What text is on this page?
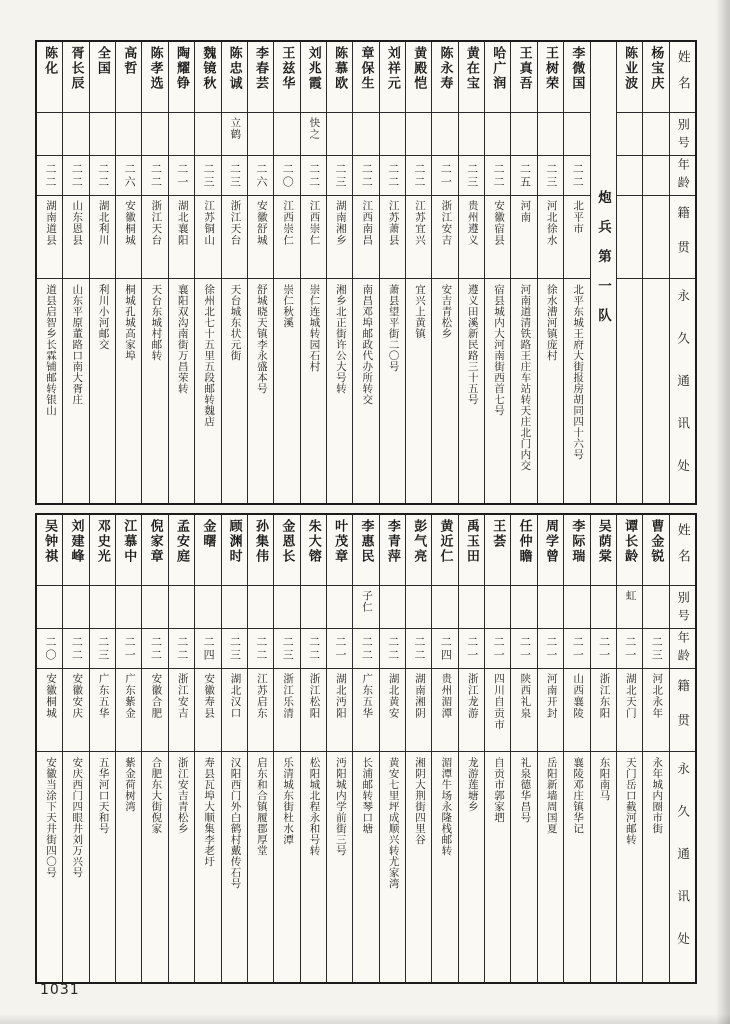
姓名
别号
年龄
籍贯
永久通讯处
杨宝庆
陈业波
炮兵第一队
李微国
二二
北平市
北平东城王府大街报房胡同四十六号
王树荣
二三
河北徐水
徐水漕河镇庞村
王真吾
二五
河南
河南道清铁路王庄车站转天庄北门内交
哈广润
二二
安徽宿县
宿县城内大河南街西首七号
黄在宝
二三
贵州遵义
遵义田溪新民路三十五号
陈永寿
二一
浙江安吉
安吉青松乡
黄殿恺
二二
江苏宜兴
宜兴上黄镇
刘祥元
二二
江苏萧县
萧县望平街二〇号
章保生
二二
江西南昌
南昌邓埠邮政代办所转交
陈慕欧
二三
湖南湘乡
湘乡北正街许公大号转
刘兆霞
快之
二二
江西崇仁
崇仁连城转园石村
王兹华
二〇
江西崇仁
崇仁秋溪
李春芸
二六
安徽舒城
舒城晓天镇李永盛本号
陈忠诚
立鹤
二三
浙江天台
天台城东状元街
魏镜秋
二三
江苏铜山
徐州北七十五里五段邮转魏店
陶耀铮
二一
湖北襄阳
襄阳双沟南街万昌荣转
陈孝选
二二
浙江天台
天台东城村邮转
高哲
二六
安徽桐城
桐城孔城高家埠
全国
二二
湖北利川
利川小河邮交
胥长辰
二二
山东恩县
山东平原董路口南大胥庄
陈化
二二
湖南道县
道县启智乡长霖铺邮转银山
姓名
别号
年龄
籍贯
永久通讯处
曹金锐
二三
河北永年
永年城内圈市街
谭长龄
虹
二一
湖北天门
天门岳口截河邮转
吴荫棠
二一
浙江东阳
东阳南马
李际瑞
二一
山西襄陵
襄陵邓庄镇华记
周学曾
二一
河南开封
岳阳新墙周国夏
任仲瞻
二一
陕西礼泉
礼泉德华昌号
王荟
二一
四川自贡市
自贡市郭家垇
禹玉田
二一
浙江龙游
龙游莲塘乡
黄近仁
二四
贵州湄潭
湄潭牛场永隆栈邮转
彭气亮
二二
湖南湘阴
湘阴大荆街四里谷
李青萍
二二
湖北黄安
黄安七里坪成顺兴转尤家湾
李惠民
子仁
二二
广东五华
长浦邮转琴口塘
叶茂章
二一
湖北沔阳
沔阳城内学前街三号
朱大镕
二二
浙江松阳
松阳城北程永和号转
金恩长
二三
浙江乐清
乐清城东街杜水潭
孙集伟
二二
江苏启东
启东和合镇履郡厚堂
顾渊时
二三
湖北汉口
汉阳西门外白鹤村戴传石号
金曙
二四
安徽寿县
寿县瓦埠大顺集李老圩
孟安庭
二二
浙江安吉
浙江安吉青松乡
倪家章
二二
安徽合肥
合肥东大街倪家
江慕中
二一
广东紫金
紫金荷树湾
邓史光
二三
广东五华
五华河口天和号
刘建峰
二二
安徽安庆
安庆西门四眼井刘万兴号
吴钟祺
二〇
安徽桐城
安徽当涂下天井街四〇号
1031
